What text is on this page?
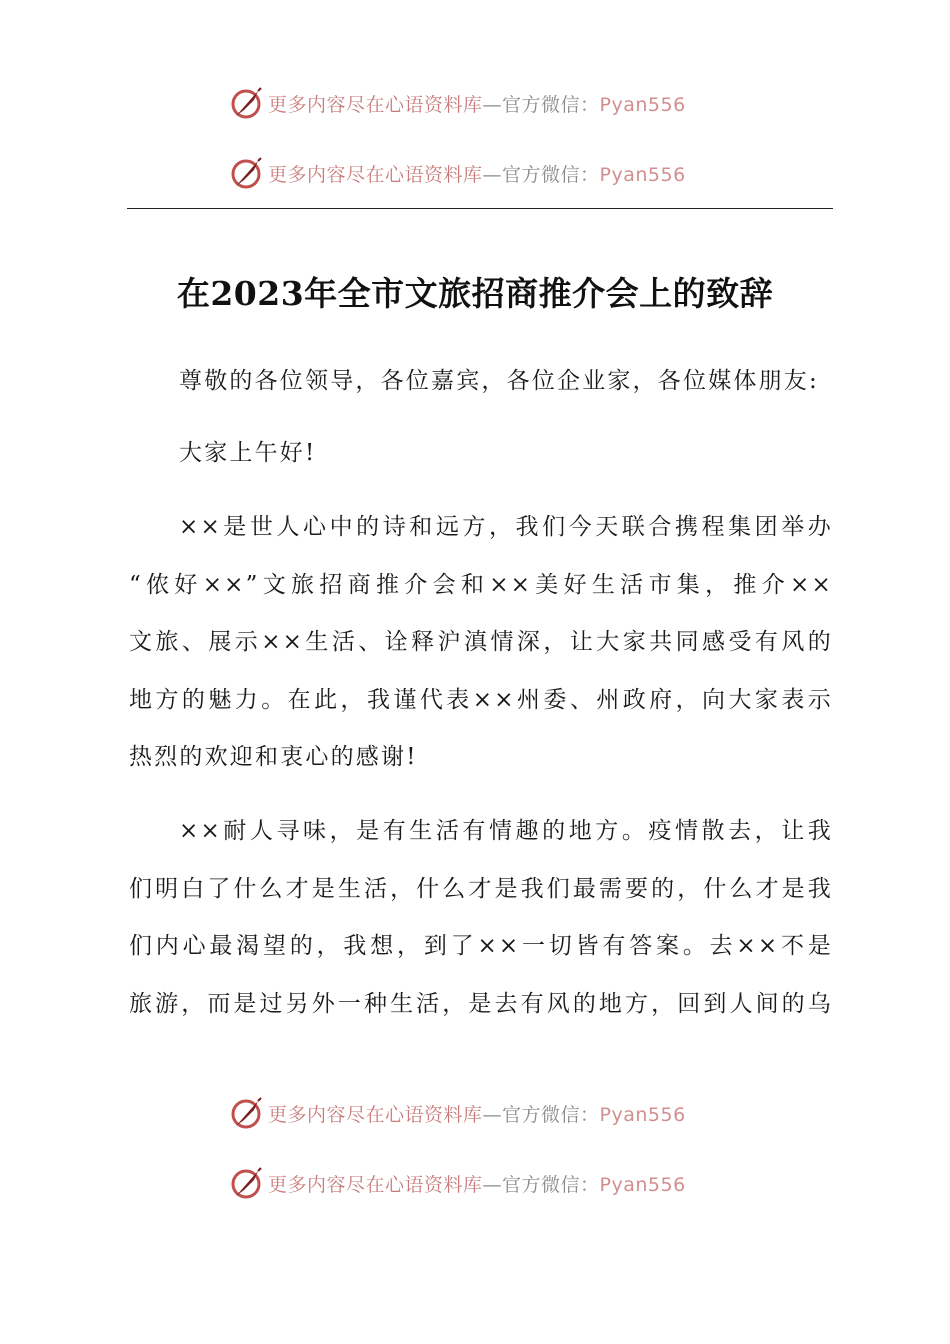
更多内容尽在心语资料库—官方微信：Pyan556
更多内容尽在心语资料库—官方微信：Pyan556
在2023年全市文旅招商推介会上的致辞
尊敬的各位领导，各位嘉宾，各位企业家，各位媒体朋友:
大家上午好!
××是世人心中的诗和远方，我们今天联合携程集团举办
“侬好××”文旅招商推介会和××美好生活市集，推介××
文旅、展示××生活、诠释沪滇情深，让大家共同感受有风的
地方的魅力。在此，我谨代表××州委、州政府，向大家表示
热烈的欢迎和衷心的感谢!
××耐人寻味，是有生活有情趣的地方。疫情散去，让我
们明白了什么才是生活，什么才是我们最需要的，什么才是我
们内心最渴望的，我想，到了××一切皆有答案。去××不是
旅游，而是过另外一种生活，是去有风的地方，回到人间的乌
更多内容尽在心语资料库—官方微信：Pyan556
更多内容尽在心语资料库—官方微信：Pyan556
